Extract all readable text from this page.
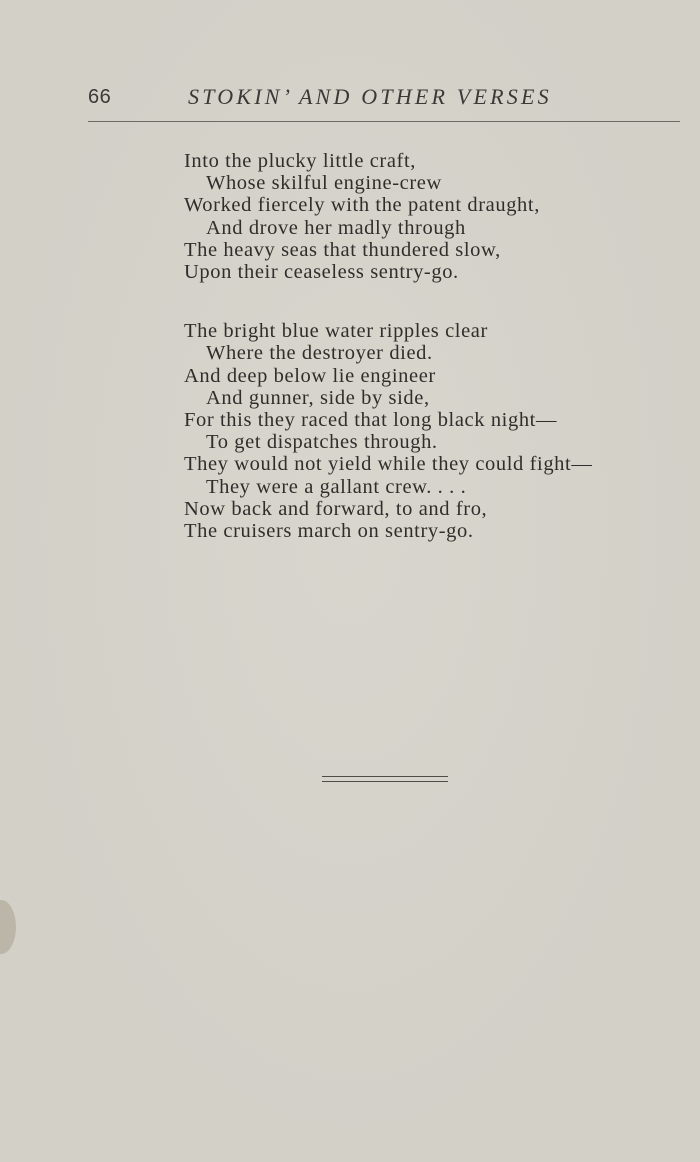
66	STOKIN’ AND OTHER VERSES
Into the plucky little craft,
Whose skilful engine-crew
Worked fiercely with the patent draught,
And drove her madly through
The heavy seas that thundered slow,
Upon their ceaseless sentry-go.
The bright blue water ripples clear
Where the destroyer died.
And deep below lie engineer
And gunner, side by side,
For this they raced that long black night—
To get dispatches through.
They would not yield while they could fight—
They were a gallant crew. . . .
Now back and forward, to and fro,
The cruisers march on sentry-go.
